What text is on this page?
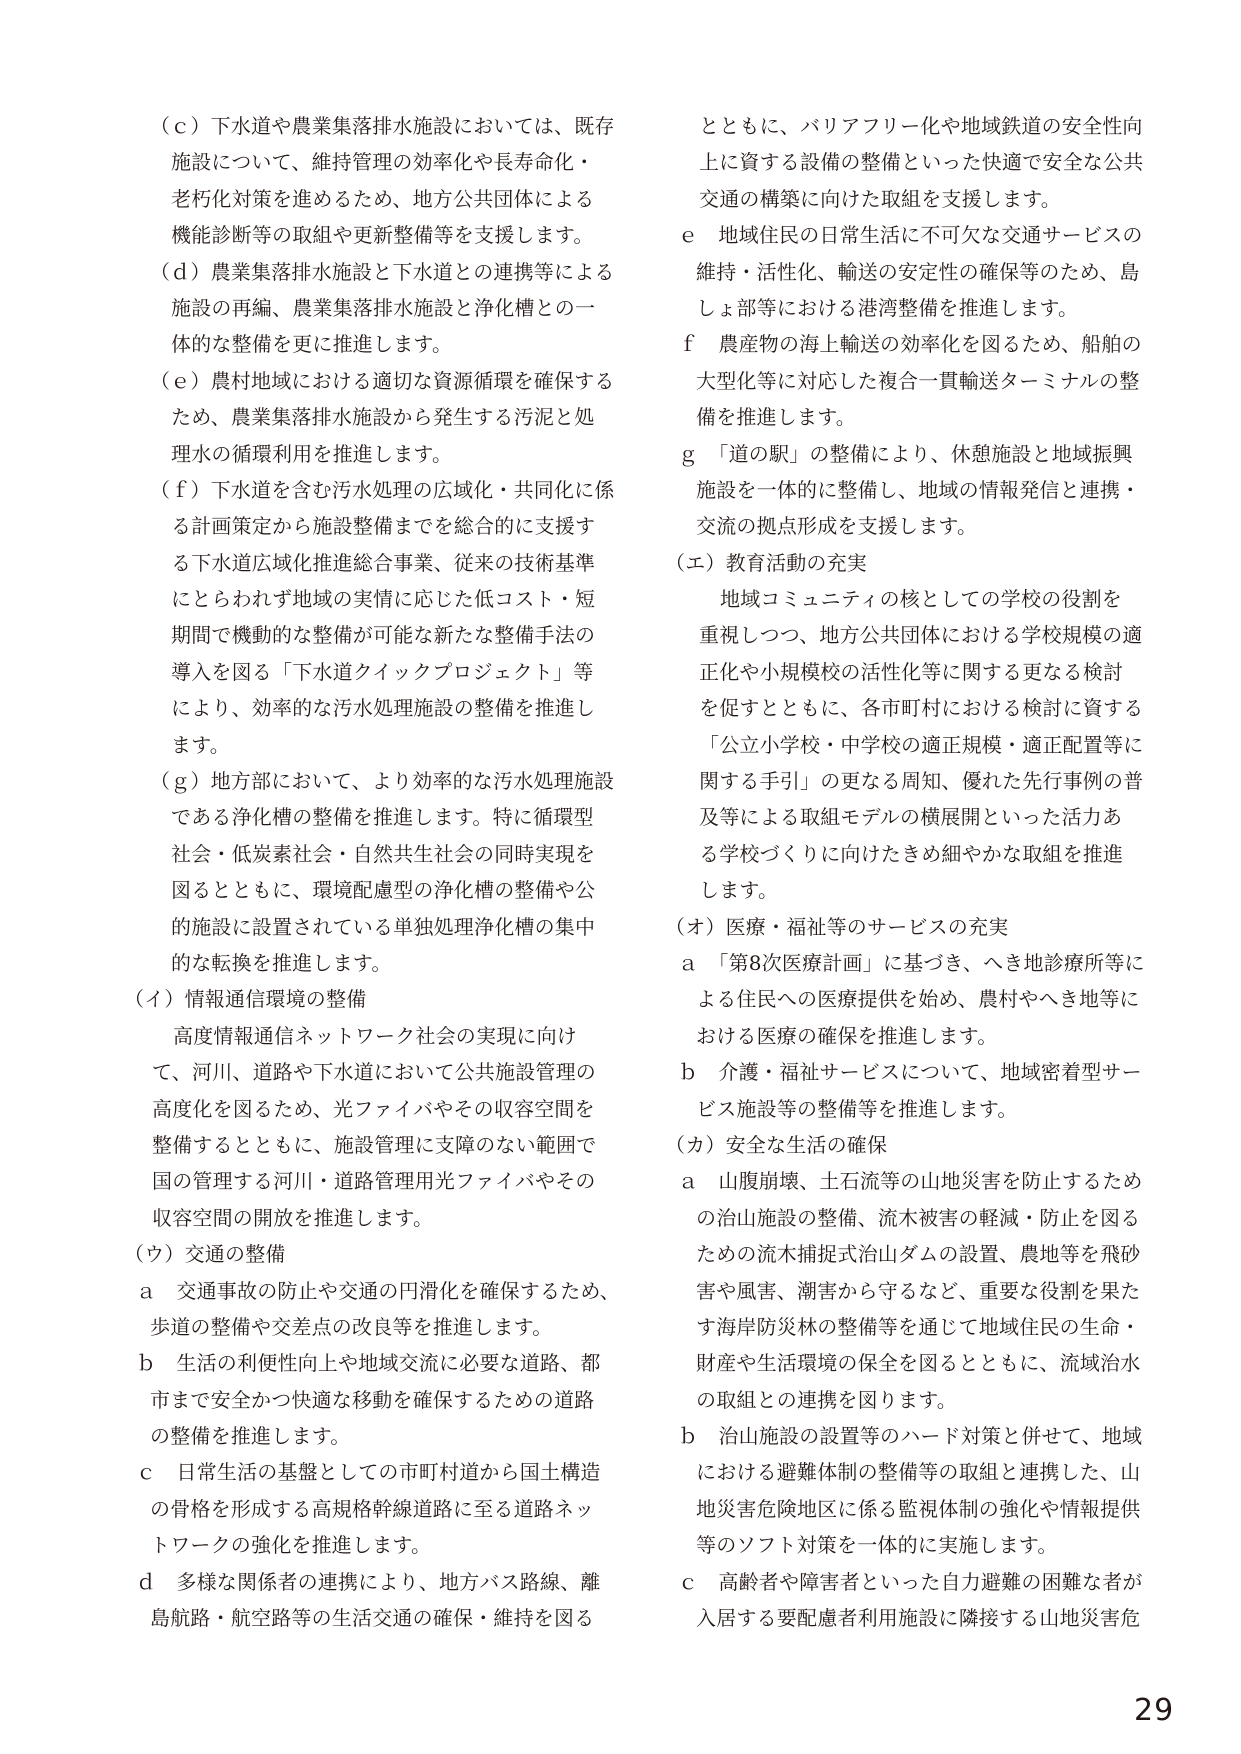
（ｃ）下水道や農業集落排水施設においては、既存
施設について、維持管理の効率化や長寿命化・
老朽化対策を進めるため、地方公共団体による
機能診断等の取組や更新整備等を支援します。
（ｄ）農業集落排水施設と下水道との連携等による
施設の再編、農業集落排水施設と浄化槽との一
体的な整備を更に推進します。
（ｅ）農村地域における適切な資源循環を確保する
ため、農業集落排水施設から発生する汚泥と処
理水の循環利用を推進します。
（ｆ）下水道を含む汚水処理の広域化・共同化に係
る計画策定から施設整備までを総合的に支援す
る下水道広域化推進総合事業、従来の技術基準
にとらわれず地域の実情に応じた低コスト・短
期間で機動的な整備が可能な新たな整備手法の
導入を図る「下水道クイックプロジェクト」等
により、効率的な汚水処理施設の整備を推進し
ます。
（ｇ）地方部において、より効率的な汚水処理施設
である浄化槽の整備を推進します。特に循環型
社会・低炭素社会・自然共生社会の同時実現を
図るとともに、環境配慮型の浄化槽の整備や公
的施設に設置されている単独処理浄化槽の集中
的な転換を推進します。
（イ）情報通信環境の整備
高度情報通信ネットワーク社会の実現に向け
て、河川、道路や下水道において公共施設管理の
高度化を図るため、光ファイバやその収容空間を
整備するとともに、施設管理に支障のない範囲で
国の管理する河川・道路管理用光ファイバやその
収容空間の開放を推進します。
（ウ）交通の整備
ａ　交通事故の防止や交通の円滑化を確保するため、
歩道の整備や交差点の改良等を推進します。
ｂ　生活の利便性向上や地域交流に必要な道路、都
市まで安全かつ快適な移動を確保するための道路
の整備を推進します。
ｃ　日常生活の基盤としての市町村道から国土構造
の骨格を形成する高規格幹線道路に至る道路ネッ
トワークの強化を推進します。
ｄ　多様な関係者の連携により、地方バス路線、離
島航路・航空路等の生活交通の確保・維持を図る
とともに、バリアフリー化や地域鉄道の安全性向
上に資する設備の整備といった快適で安全な公共
交通の構築に向けた取組を支援します。
ｅ　地域住民の日常生活に不可欠な交通サービスの
維持・活性化、輸送の安定性の確保等のため、島
しょ部等における港湾整備を推進します。
ｆ　農産物の海上輸送の効率化を図るため、船舶の
大型化等に対応した複合一貫輸送ターミナルの整
備を推進します。
ｇ　「道の駅」の整備により、休憩施設と地域振興
施設を一体的に整備し、地域の情報発信と連携・
交流の拠点形成を支援します。
（エ）教育活動の充実
地域コミュニティの核としての学校の役割を
重視しつつ、地方公共団体における学校規模の適
正化や小規模校の活性化等に関する更なる検討
を促すとともに、各市町村における検討に資する
「公立小学校・中学校の適正規模・適正配置等に
関する手引」の更なる周知、優れた先行事例の普
及等による取組モデルの横展開といった活力あ
る学校づくりに向けたきめ細やかな取組を推進
します。
（オ）医療・福祉等のサービスの充実
ａ　「第8次医療計画」に基づき、へき地診療所等に
よる住民への医療提供を始め、農村やへき地等に
おける医療の確保を推進します。
ｂ　介護・福祉サービスについて、地域密着型サー
ビス施設等の整備等を推進します。
（カ）安全な生活の確保
ａ　山腹崩壊、土石流等の山地災害を防止するため
の治山施設の整備、流木被害の軽減・防止を図る
ための流木捕捉式治山ダムの設置、農地等を飛砂
害や風害、潮害から守るなど、重要な役割を果た
す海岸防災林の整備等を通じて地域住民の生命・
財産や生活環境の保全を図るとともに、流域治水
の取組との連携を図ります。
ｂ　治山施設の設置等のハード対策と併せて、地域
における避難体制の整備等の取組と連携した、山
地災害危険地区に係る監視体制の強化や情報提供
等のソフト対策を一体的に実施します。
ｃ　高齢者や障害者といった自力避難の困難な者が
入居する要配慮者利用施設に隣接する山地災害危
29
